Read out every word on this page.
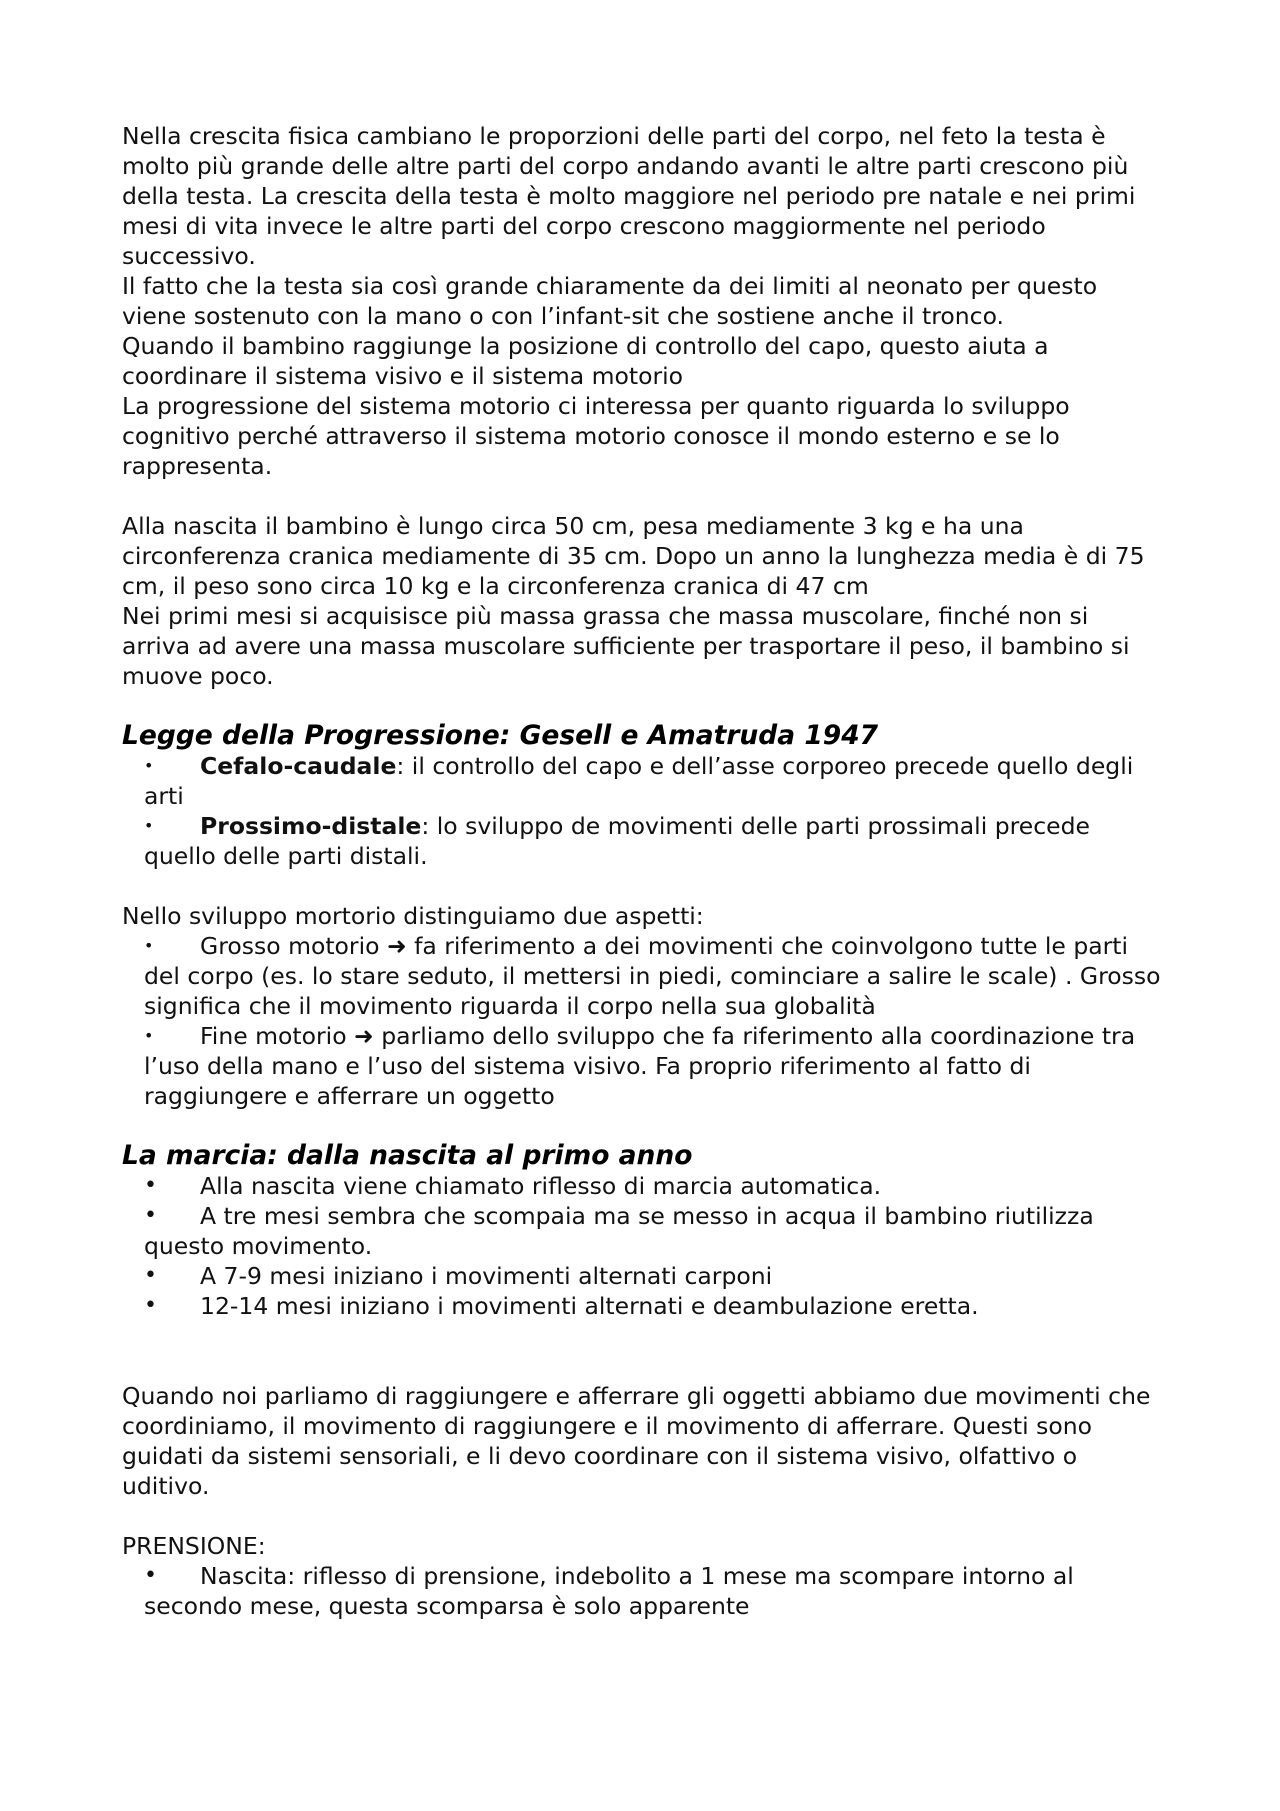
Nella crescita fisica cambiano le proporzioni delle parti del corpo, nel feto la testa è molto più grande delle altre parti del corpo andando avanti le altre parti crescono più della testa. La crescita della testa è molto maggiore nel periodo pre natale e nei primi mesi di vita invece le altre parti del corpo crescono maggiormente nel periodo successivo.

Il fatto che la testa sia così grande chiaramente da dei limiti al neonato per questo viene sostenuto con la mano o con l’infant-sit che sostiene anche il tronco.

Quando il bambino raggiunge la posizione di controllo del capo, questo aiuta a coordinare il sistema visivo e il sistema motorio

La progressione del sistema motorio ci interessa per quanto riguarda lo sviluppo cognitivo perché attraverso il sistema motorio conosce il mondo esterno e se lo rappresenta.

Alla nascita il bambino è lungo circa 50 cm, pesa mediamente 3 kg e ha una circonferenza cranica mediamente di 35 cm. Dopo un anno la lunghezza media è di 75 cm, il peso sono circa 10 kg e la circonferenza cranica di 47 cm

Nei primi mesi si acquisisce più massa grassa che massa muscolare, finché non si arriva ad avere una massa muscolare sufficiente per trasportare il peso, il bambino si muove poco.

Legge della Progressione: Gesell e Amatruda 1947
• Cefalo-caudale: il controllo del capo e dell’asse corporeo precede quello degli arti
• Prossimo-distale: lo sviluppo de movimenti delle parti prossimali precede quello delle parti distali.

Nello sviluppo mortorio distinguiamo due aspetti:

• Grosso motorio ➜ fa riferimento a dei movimenti che coinvolgono tutte le parti del corpo (es. lo stare seduto, il mettersi in piedi, cominciare a salire le scale) . Grosso significa che il movimento riguarda il corpo nella sua globalità
• Fine motorio ➜ parliamo dello sviluppo che fa riferimento alla coordinazione tra l’uso della mano e l’uso del sistema visivo. Fa proprio riferimento al fatto di raggiungere e afferrare un oggetto
La marcia: dalla nascita al primo anno
• Alla nascita viene chiamato riflesso di marcia automatica.
• A tre mesi sembra che scompaia ma se messo in acqua il bambino riutilizza questo movimento.
• A 7-9 mesi iniziano i movimenti alternati carponi
• 12-14 mesi iniziano i movimenti alternati e deambulazione eretta.

Quando noi parliamo di raggiungere e afferrare gli oggetti abbiamo due movimenti che coordiniamo, il movimento di raggiungere e il movimento di afferrare. Questi sono guidati da sistemi sensoriali, e li devo coordinare con il sistema visivo, olfattivo o uditivo.

PRENSIONE:

• Nascita: riflesso di prensione, indebolito a 1 mese ma scompare intorno al secondo mese, questa scomparsa è solo apparente
